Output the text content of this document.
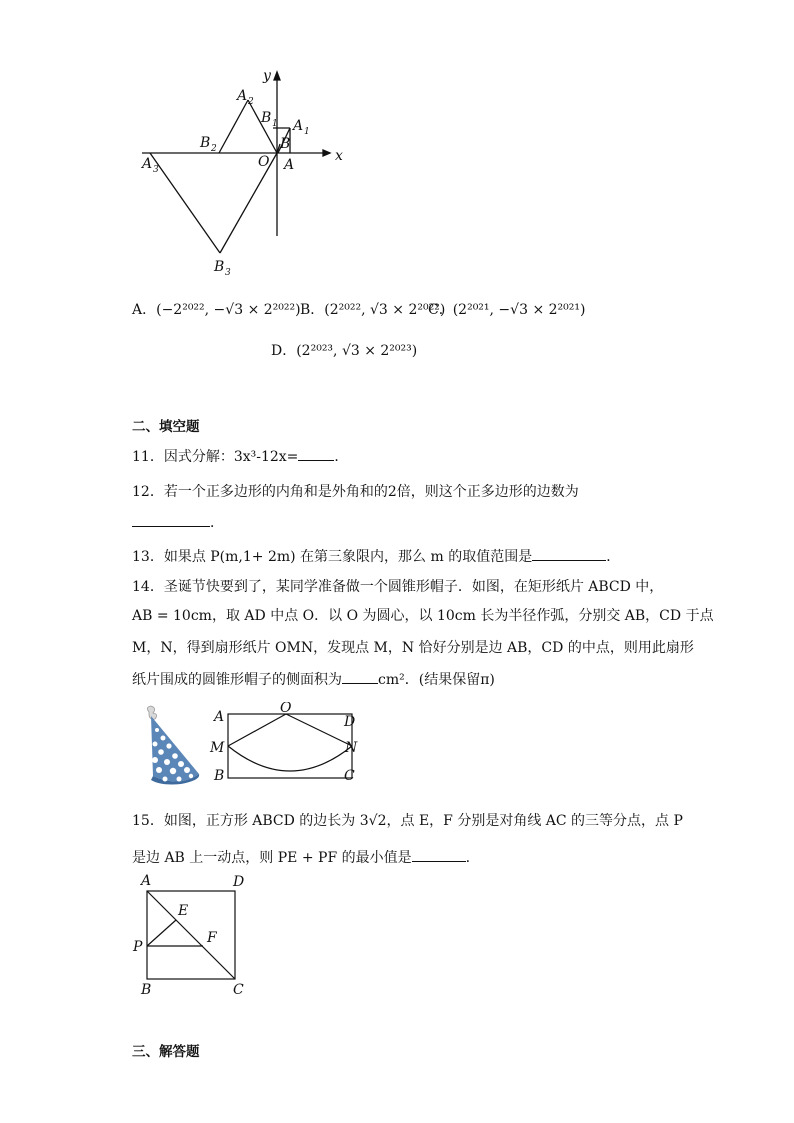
y
x
O A
B
A 1
B 1
A 2
B 2
A 3
B 3
A．(−2²⁰²², −√3 × 2²⁰²²) B．(2²⁰²², √3 × 2²⁰²²)
C．(2²⁰²¹, −√3 × 2²⁰²¹)
D．(2²⁰²³, √3 × 2²⁰²³)
二、填空题
11．因式分解：3x³-12x=	．
12．若一个正多边形的内角和是外角和的2倍，则这个正多边形的边数为
．
13．如果点 P(m,1+ 2m) 在第三象限内，那么 m 的取值范围是	．
14．圣诞节快要到了，某同学准备做一个圆锥形帽子．如图，在矩形纸片 ABCD 中，
AB = 10cm，取 AD 中点 O．以 O 为圆心，以 10cm 长为半径作弧，分别交 AB，CD 于点
M，N，得到扇形纸片 OMN，发现点 M，N 恰好分别是边 AB，CD 的中点，则用此扇形
纸片围成的圆锥形帽子的侧面积为	cm²．(结果保留π)
A
O
D
M	N
B	C
15．如图，正方形 ABCD 的边长为 3√2，点 E，F 分别是对角线 AC 的三等分点，点 P
是边 AB 上一动点，则 PE + PF 的最小值是	.
A	D
E
F
P
B	C
三、解答题
